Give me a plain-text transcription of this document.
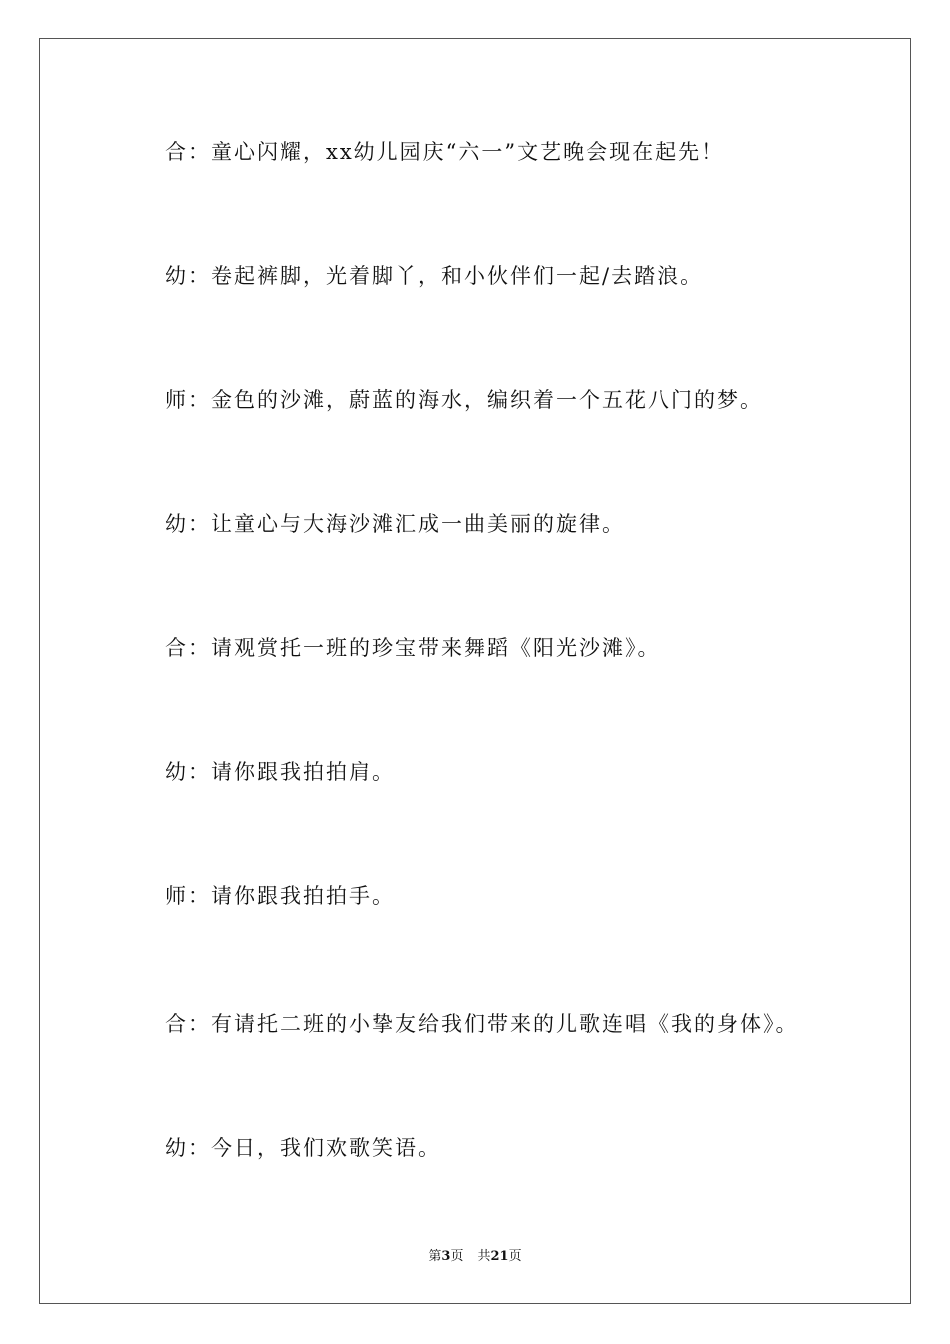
合：童心闪耀，xx幼儿园庆“六一”文艺晚会现在起先！
幼：卷起裤脚，光着脚丫，和小伙伴们一起/去踏浪。
师：金色的沙滩，蔚蓝的海水，编织着一个五花八门的梦。
幼：让童心与大海沙滩汇成一曲美丽的旋律。
合：请观赏托一班的珍宝带来舞蹈《阳光沙滩》。
幼：请你跟我拍拍肩。
师：请你跟我拍拍手。
合：有请托二班的小挚友给我们带来的儿歌连唱《我的身体》。
幼：今日，我们欢歌笑语。
第3页 共21页
